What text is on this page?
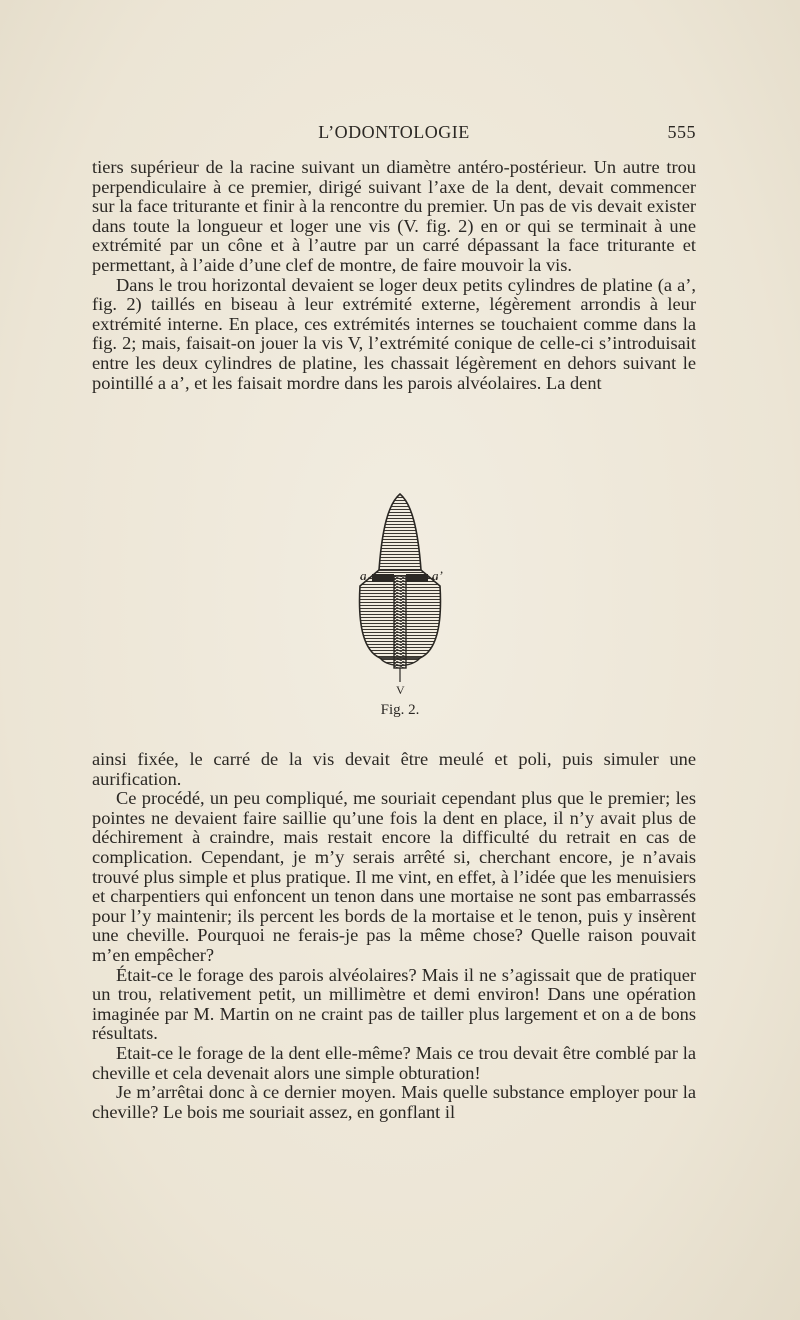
L’ODONTOLOGIE	555

tiers supérieur de la racine suivant un diamètre antéro-postérieur. Un autre trou perpendiculaire à ce premier, dirigé suivant l’axe de la dent, devait commencer sur la face triturante et finir à la rencontre du premier. Un pas de vis devait exister dans toute la longueur et loger une vis (V. fig. 2) en or qui se terminait à une extrémité par un cône et à l’autre par un carré dépassant la face triturante et permettant, à l’aide d’une clef de montre, de faire mouvoir la vis.

Dans le trou horizontal devaient se loger deux petits cylindres de platine (a a’, fig. 2) taillés en biseau à leur extrémité externe, légèrement arrondis à leur extrémité interne. En place, ces extrémités internes se touchaient comme dans la fig. 2; mais, faisait-on jouer la vis V, l’extrémité conique de celle-ci s’introduisait entre les deux cylindres de platine, les chassait légèrement en dehors suivant le pointillé a a’, et les faisait mordre dans les parois alvéolaires. La dent

a	a’
V
Fig. 2.

ainsi fixée, le carré de la vis devait être meulé et poli, puis simuler une aurification.

Ce procédé, un peu compliqué, me souriait cependant plus que le premier; les pointes ne devaient faire saillie qu’une fois la dent en place, il n’y avait plus de déchirement à craindre, mais restait encore la difficulté du retrait en cas de complication. Cependant, je m’y serais arrêté si, cherchant encore, je n’avais trouvé plus simple et plus pratique. Il me vint, en effet, à l’idée que les menuisiers et charpentiers qui enfoncent un tenon dans une mortaise ne sont pas embarrassés pour l’y maintenir; ils percent les bords de la mortaise et le tenon, puis y insèrent une cheville. Pourquoi ne ferais-je pas la même chose? Quelle raison pouvait m’en empêcher?

Était-ce le forage des parois alvéolaires? Mais il ne s’agissait que de pratiquer un trou, relativement petit, un millimètre et demi environ! Dans une opération imaginée par M. Martin on ne craint pas de tailler plus largement et on a de bons résultats.

Etait-ce le forage de la dent elle-même? Mais ce trou devait être comblé par la cheville et cela devenait alors une simple obturation!

Je m’arrêtai donc à ce dernier moyen. Mais quelle substance employer pour la cheville? Le bois me souriait assez, en gonflant il
